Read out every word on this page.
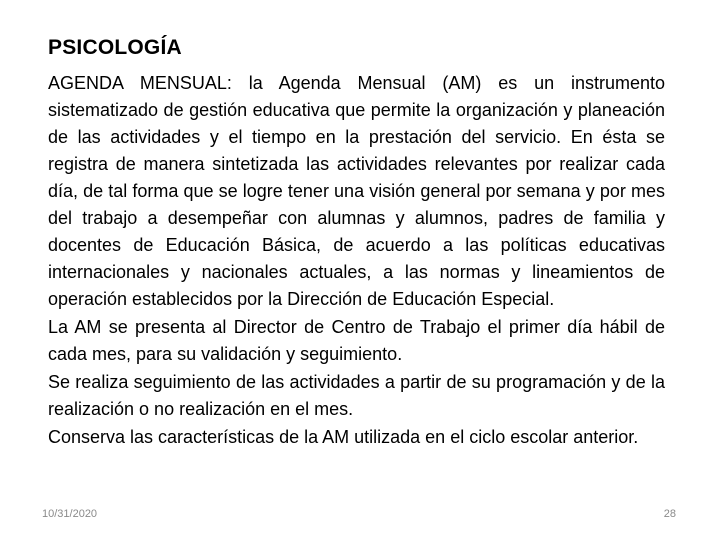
PSICOLOGÍA

AGENDA MENSUAL: la Agenda Mensual (AM) es un instrumento sistematizado de gestión educativa que permite la organización y planeación de las actividades y el tiempo en la prestación del servicio. En ésta se registra de manera sintetizada las actividades relevantes por realizar cada día, de tal forma que se logre tener una visión general por semana y por mes del trabajo a desempeñar con alumnas y alumnos, padres de familia y docentes de Educación Básica, de acuerdo a las políticas educativas internacionales y nacionales actuales, a las normas y lineamientos de operación establecidos por la Dirección de Educación Especial.

La AM se presenta al Director de Centro de Trabajo el primer día hábil de cada mes, para su validación y seguimiento.

Se realiza seguimiento de las actividades a partir de su programación y de la realización o no realización en el mes.

Conserva las características de la AM utilizada en el ciclo escolar anterior.

10/31/2020	28
